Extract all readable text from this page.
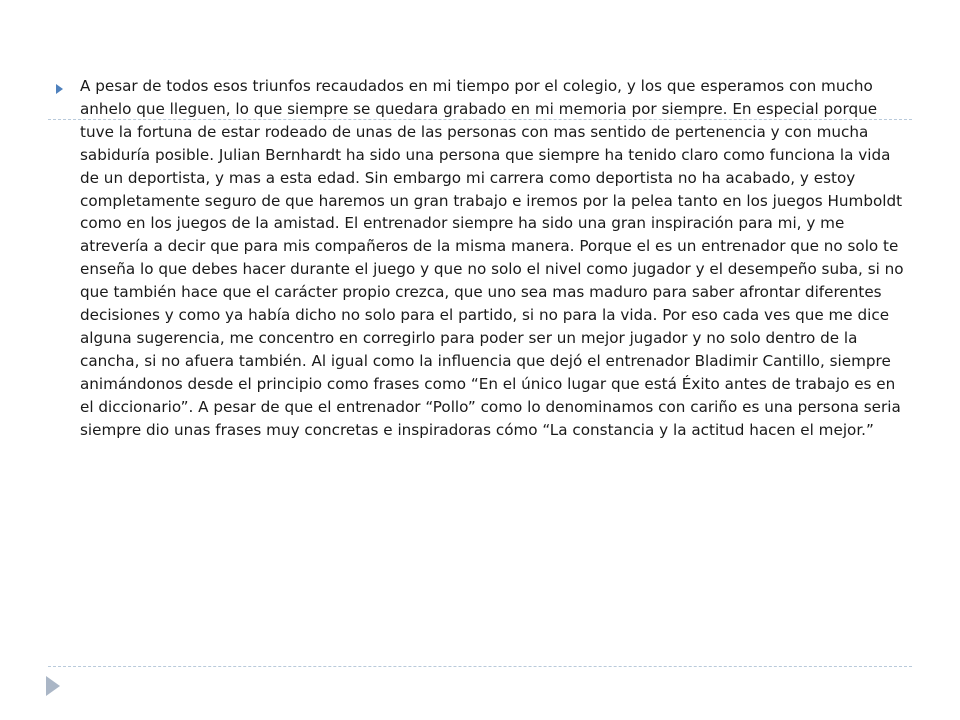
A pesar de todos esos triunfos recaudados en mi tiempo por el colegio, y los que esperamos con mucho anhelo que lleguen, lo que siempre se quedara grabado en mi memoria por siempre. En especial porque tuve la fortuna de estar rodeado de unas de las personas con mas sentido de pertenencia y con mucha sabiduría posible. Julian Bernhardt ha sido una persona que siempre ha tenido claro como funciona la vida de un deportista, y mas a esta edad. Sin embargo mi carrera como deportista no ha acabado, y estoy completamente seguro de que haremos un gran trabajo e iremos por la pelea tanto en los juegos Humboldt como en los juegos de la amistad. El entrenador siempre ha sido una gran inspiración para mi, y me atrevería a decir que para mis compañeros de la misma manera. Porque el es un entrenador que no solo te enseña lo que debes hacer durante el juego y que no solo el nivel como jugador y el desempeño suba, si no que también hace que el carácter propio crezca, que uno sea mas maduro para saber afrontar diferentes decisiones y como ya había dicho no solo para el partido, si no para la vida. Por eso cada ves que me dice alguna sugerencia, me concentro en corregirlo para poder ser un mejor jugador y no solo dentro de la cancha, si no afuera también. Al igual como la influencia que dejó el entrenador Bladimir Cantillo, siempre animándonos desde el principio como frases como “En el único lugar que está Éxito antes de trabajo es en el diccionario”. A pesar de que el entrenador “Pollo” como lo denominamos con cariño es una persona seria siempre dio unas frases muy concretas e inspiradoras cómo “La constancia y la actitud hacen el mejor.”
